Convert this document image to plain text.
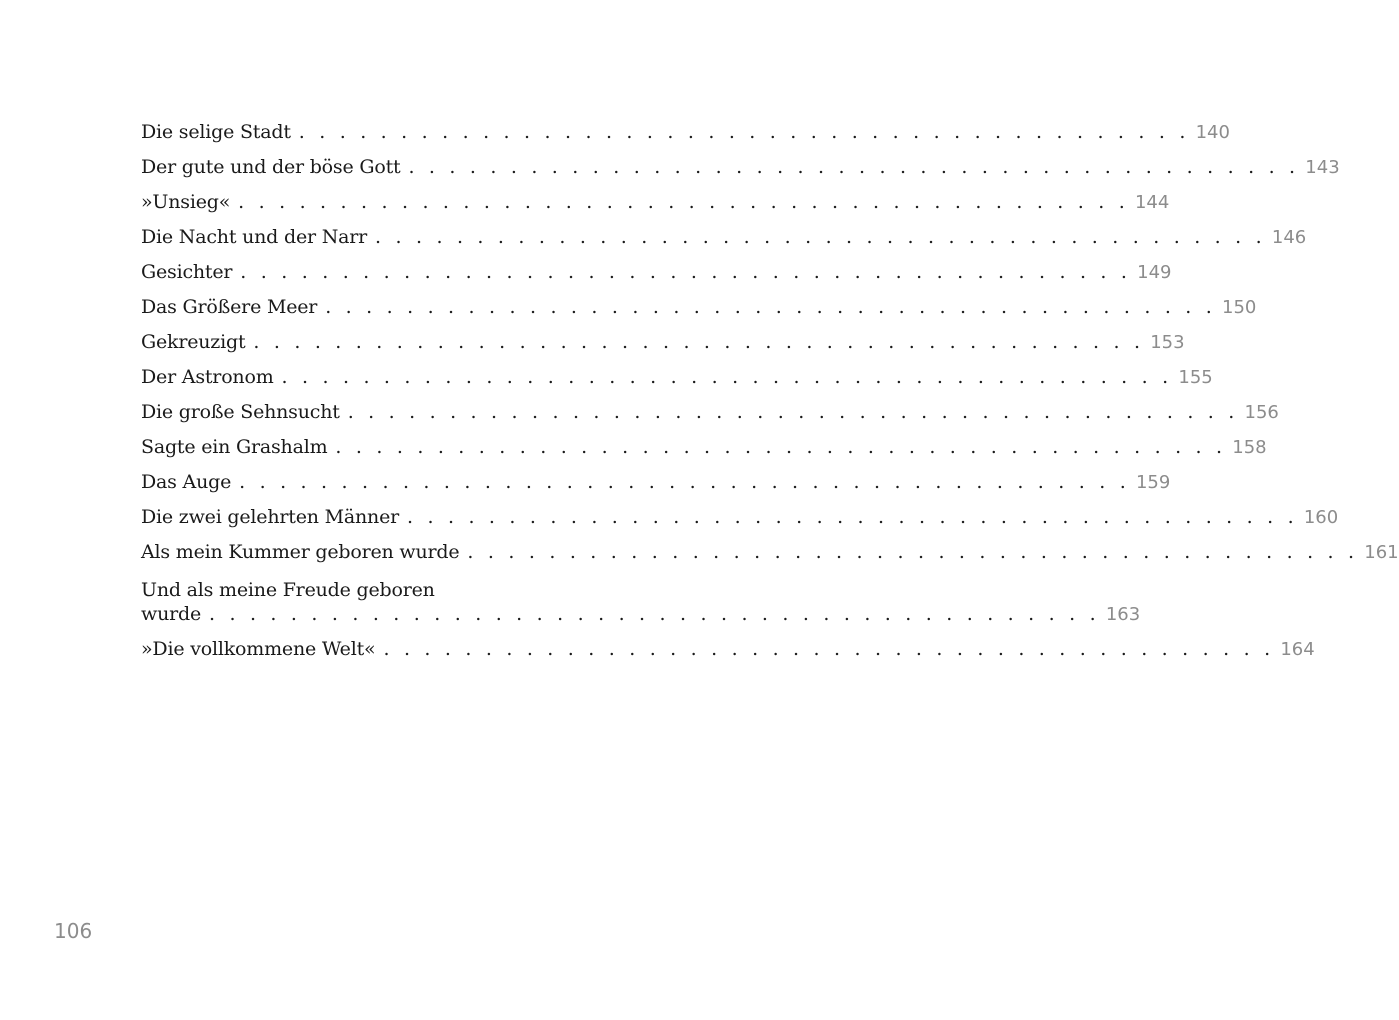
Die selige Stadt . . . . . . . . . . . . . . . . . . . . . . . . . . . . . . . . . . . . . . . . . . . . 140
Der gute und der böse Gott . . . . . . . . . . . . . . . . . . . . . . . . . . . . . . . . . . . . . . . . . . . . 143
»Unsieg« . . . . . . . . . . . . . . . . . . . . . . . . . . . . . . . . . . . . . . . . . . . . 144
Die Nacht und der Narr . . . . . . . . . . . . . . . . . . . . . . . . . . . . . . . . . . . . . . . . . . . . 146
Gesichter . . . . . . . . . . . . . . . . . . . . . . . . . . . . . . . . . . . . . . . . . . . . 149
Das Größere Meer . . . . . . . . . . . . . . . . . . . . . . . . . . . . . . . . . . . . . . . . . . . . 150
Gekreuzigt . . . . . . . . . . . . . . . . . . . . . . . . . . . . . . . . . . . . . . . . . . . . 153
Der Astronom . . . . . . . . . . . . . . . . . . . . . . . . . . . . . . . . . . . . . . . . . . . . 155
Die große Sehnsucht . . . . . . . . . . . . . . . . . . . . . . . . . . . . . . . . . . . . . . . . . . . . 156
Sagte ein Grashalm . . . . . . . . . . . . . . . . . . . . . . . . . . . . . . . . . . . . . . . . . . . . 158
Das Auge . . . . . . . . . . . . . . . . . . . . . . . . . . . . . . . . . . . . . . . . . . . . 159
Die zwei gelehrten Männer . . . . . . . . . . . . . . . . . . . . . . . . . . . . . . . . . . . . . . . . . . . . 160
Als mein Kummer geboren wurde . . . . . . . . . . . . . . . . . . . . . . . . . . . . . . . . . . . . . . . . . . . . 161
Und als meine Freude geboren
wurde . . . . . . . . . . . . . . . . . . . . . . . . . . . . . . . . . . . . . . . . . . . . 163
»Die vollkommene Welt« . . . . . . . . . . . . . . . . . . . . . . . . . . . . . . . . . . . . . . . . . . . . 164
106
